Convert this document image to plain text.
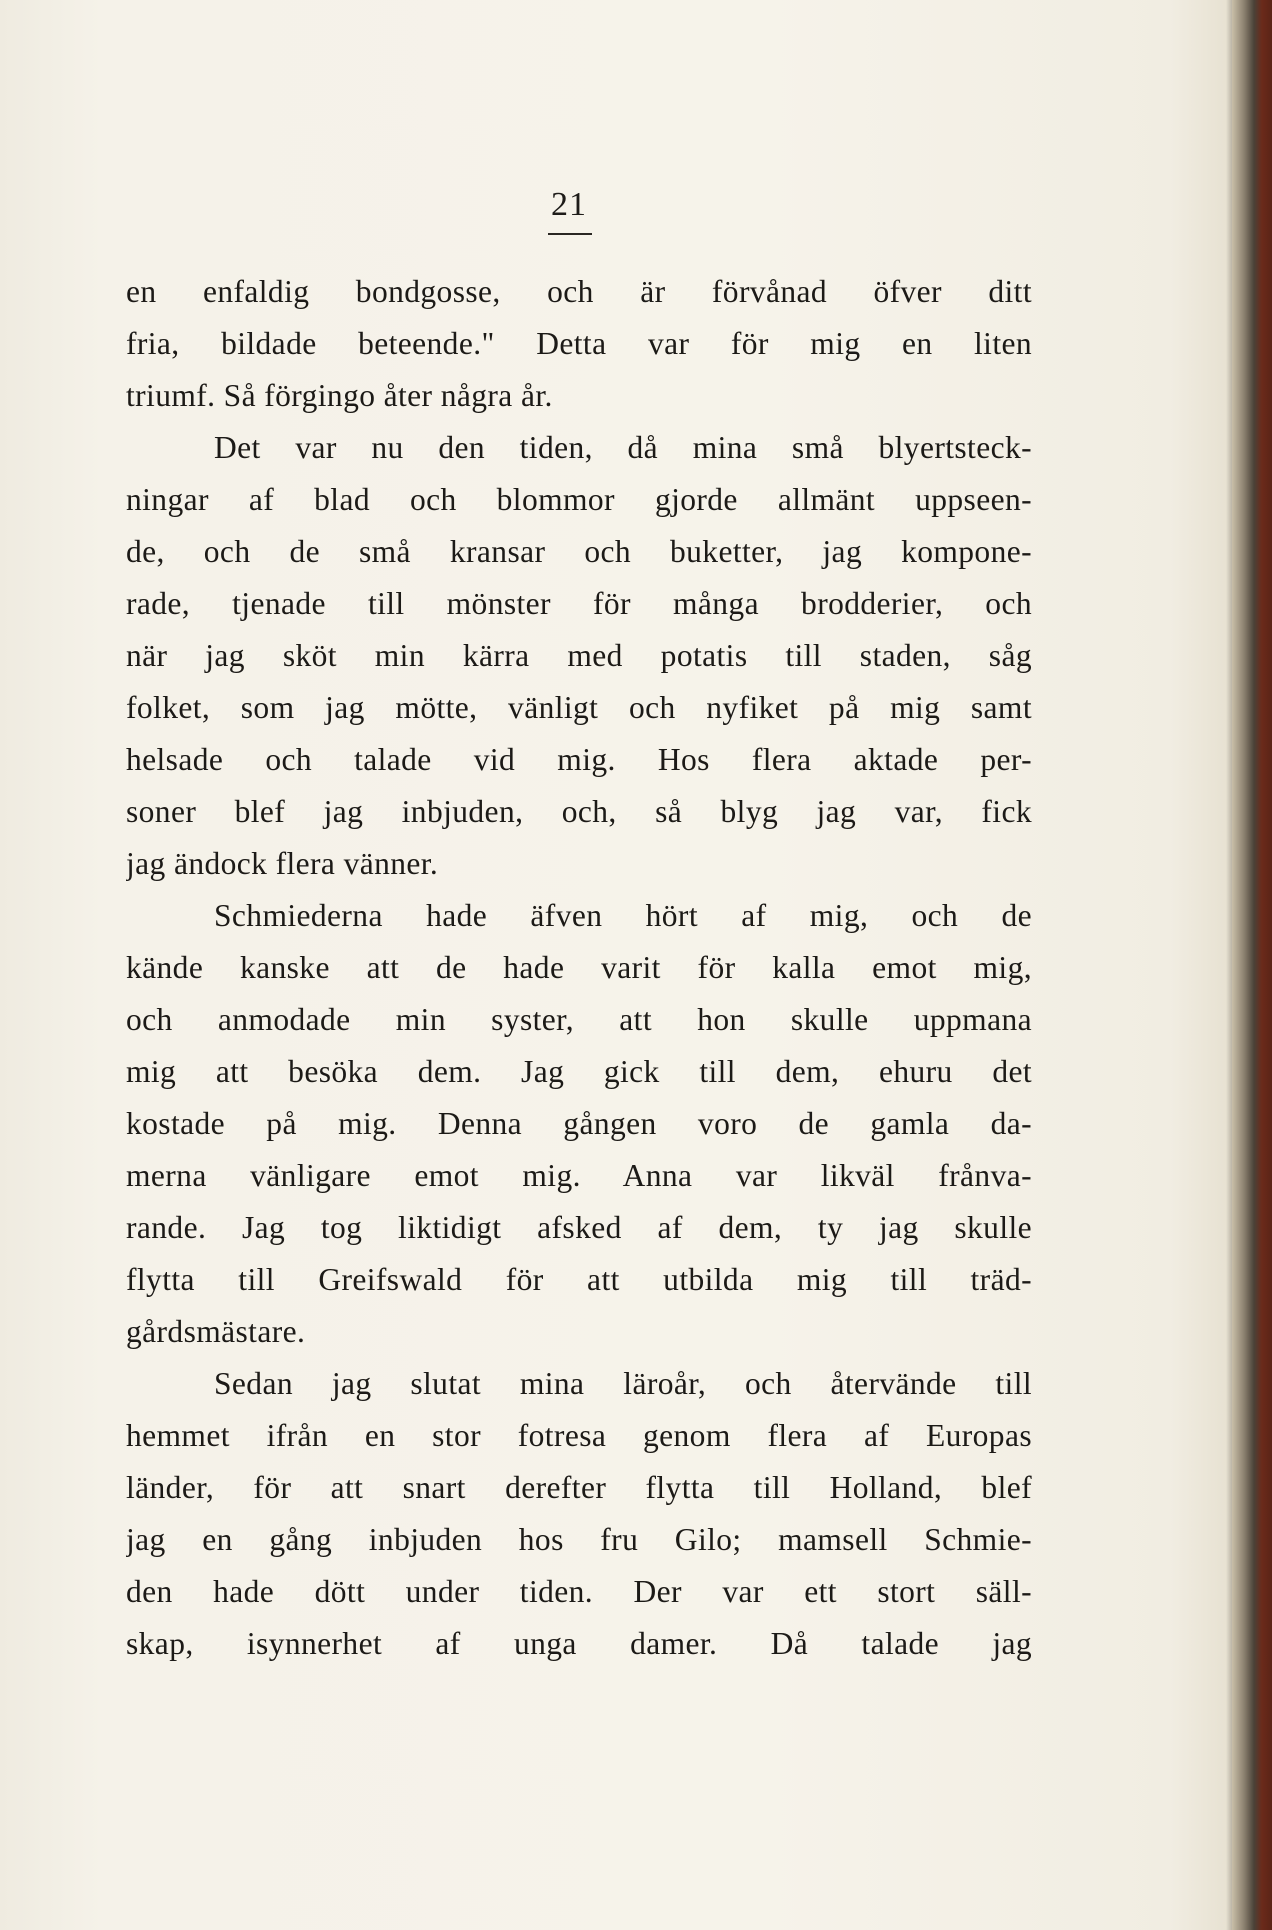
21
en enfaldig bondgosse, och är förvånad öfver ditt
fria, bildade beteende." Detta var för mig en liten
triumf. Så förgingo åter några år.
Det var nu den tiden, då mina små blyertsteck-
ningar af blad och blommor gjorde allmänt uppseen-
de, och de små kransar och buketter, jag kompone-
rade, tjenade till mönster för många brodderier, och
när jag sköt min kärra med potatis till staden, såg
folket, som jag mötte, vänligt och nyfiket på mig samt
helsade och talade vid mig. Hos flera aktade per-
soner blef jag inbjuden, och, så blyg jag var, fick
jag ändock flera vänner.
Schmiederna hade äfven hört af mig, och de
kände kanske att de hade varit för kalla emot mig,
och anmodade min syster, att hon skulle uppmana
mig att besöka dem. Jag gick till dem, ehuru det
kostade på mig. Denna gången voro de gamla da-
merna vänligare emot mig. Anna var likväl frånva-
rande. Jag tog liktidigt afsked af dem, ty jag skulle
flytta till Greifswald för att utbilda mig till träd-
gårdsmästare.
Sedan jag slutat mina läroår, och återvände till
hemmet ifrån en stor fotresa genom flera af Europas
länder, för att snart derefter flytta till Holland, blef
jag en gång inbjuden hos fru Gilo; mamsell Schmie-
den hade dött under tiden. Der var ett stort säll-
skap, isynnerhet af unga damer. Då talade jag
